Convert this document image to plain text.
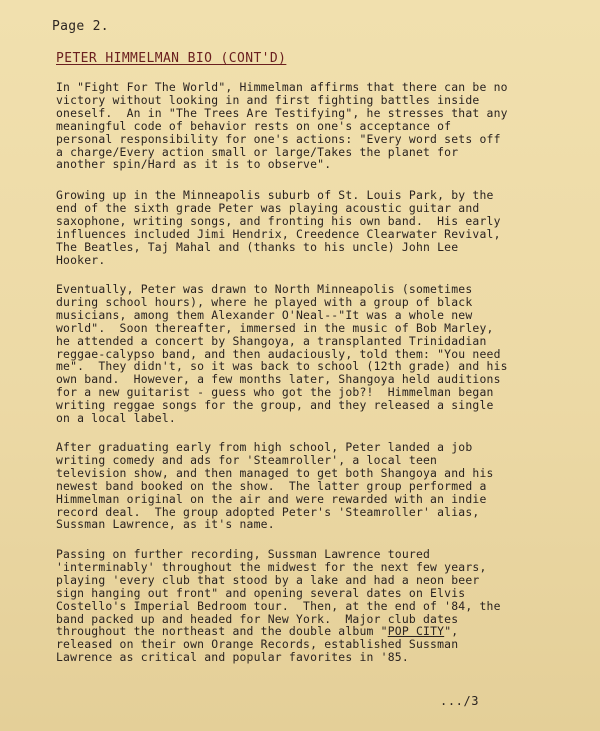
Page 2.
PETER HIMMELMAN BIO (CONT'D)
In "Fight For The World", Himmelman affirms that there can be no
victory without looking in and first fighting battles inside
oneself.  An in "The Trees Are Testifying", he stresses that any
meaningful code of behavior rests on one's acceptance of
personal responsibility for one's actions: "Every word sets off
a charge/Every action small or large/Takes the planet for
another spin/Hard as it is to observe".
Growing up in the Minneapolis suburb of St. Louis Park, by the
end of the sixth grade Peter was playing acoustic guitar and
saxophone, writing songs, and fronting his own band.  His early
influences included Jimi Hendrix, Creedence Clearwater Revival,
The Beatles, Taj Mahal and (thanks to his uncle) John Lee
Hooker.
Eventually, Peter was drawn to North Minneapolis (sometimes
during school hours), where he played with a group of black
musicians, among them Alexander O'Neal--"It was a whole new
world".  Soon thereafter, immersed in the music of Bob Marley,
he attended a concert by Shangoya, a transplanted Trinidadian
reggae-calypso band, and then audaciously, told them: "You need
me".  They didn't, so it was back to school (12th grade) and his
own band.  However, a few months later, Shangoya held auditions
for a new guitarist - guess who got the job?!  Himmelman began
writing reggae songs for the group, and they released a single
on a local label.
After graduating early from high school, Peter landed a job
writing comedy and ads for 'Steamroller', a local teen
television show, and then managed to get both Shangoya and his
newest band booked on the show.  The latter group performed a
Himmelman original on the air and were rewarded with an indie
record deal.  The group adopted Peter's 'Steamroller' alias,
Sussman Lawrence, as it's name.
Passing on further recording, Sussman Lawrence toured
'interminably' throughout the midwest for the next few years,
playing 'every club that stood by a lake and had a neon beer
sign hanging out front" and opening several dates on Elvis
Costello's Imperial Bedroom tour.  Then, at the end of '84, the
band packed up and headed for New York.  Major club dates
throughout the northeast and the double album "POP CITY",
released on their own Orange Records, established Sussman
Lawrence as critical and popular favorites in '85.
.../3
